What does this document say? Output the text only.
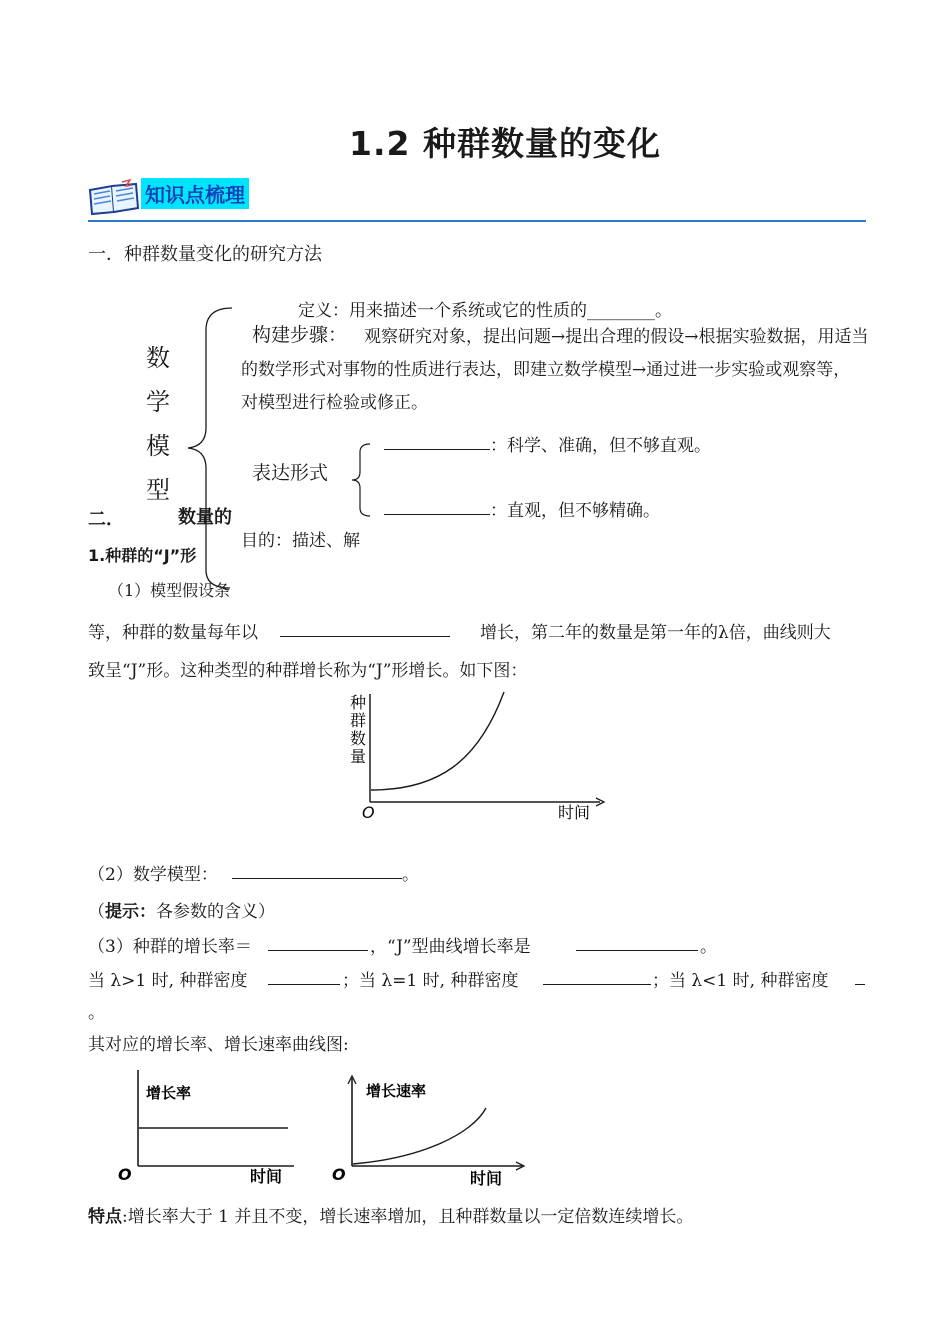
1.2 种群数量的变化
知识点梳理
一．种群数量变化的研究方法
数学模型
定义：用来描述一个系统或它的性质的________。
构建步骤： 观察研究对象，提出问题→提出合理的假设→根据实验数据，用适当
的数学形式对事物的性质进行表达，即建立数学模型→通过进一步实验或观察等，
对模型进行检验或修正。
表达形式
：科学、准确，但不够直观。
：直观，但不够精确。
二．	数量的
目的：描述、解
1.种群的“J”形
（1）模型假设条
等，种群的数量每年以	增长，第二年的数量是第一年的λ倍，曲线则大
致呈“J”形。这种类型的种群增长称为“J”形增长。如下图：
种
群
数
量
O	时间
（2）数学模型：	。
（提示：各参数的含义）
（3）种群的增长率＝	，“J”型曲线增长率是	。
当 λ>1 时, 种群密度	；当 λ=1 时, 种群密度	；当 λ<1 时, 种群密度
。
其对应的增长率、增长速率曲线图:
增长率
O	时间
增长速率
O	时间
特点:增长率大于 1 并且不变，增长速率增加，且种群数量以一定倍数连续增长。
